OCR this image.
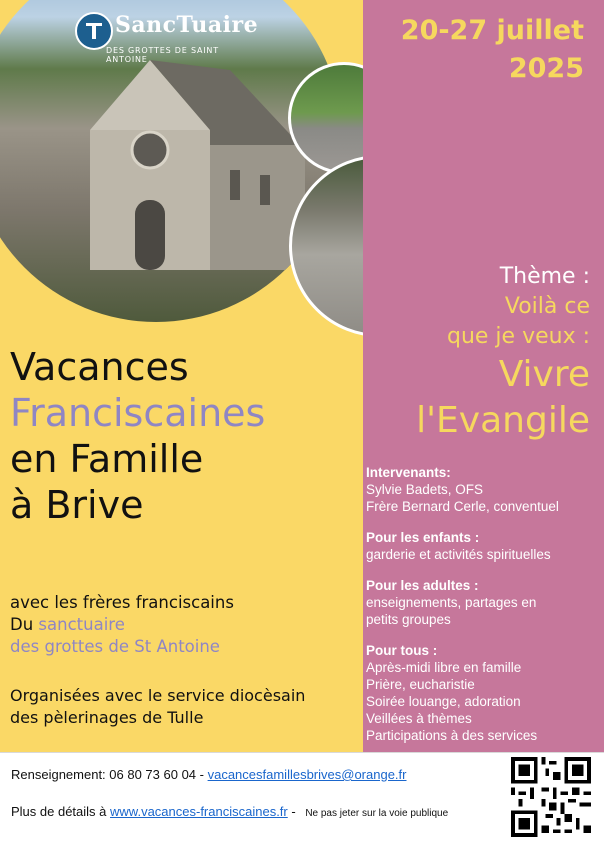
SancTuaire
DES GROTTES DE SAINT ANTOINE
Vacances
Franciscaines
en Famille
à Brive
avec les frères franciscains
Du sanctuaire
des grottes de St Antoine
Organisées avec le service diocèsain
des pèlerinages de Tulle
20-27 juillet
2025
Thème :
Voilà ce
que je veux :
Vivre
l'Evangile
Intervenants:
Sylvie Badets, OFS
Frère Bernard Cerle, conventuel
Pour les enfants :
garderie et activités spirituelles
Pour les adultes :
enseignements, partages en
petits groupes
Pour tous :
Après-midi libre en famille
Prière, eucharistie
Soirée louange, adoration
Veillées à thèmes
Participations à des services
Renseignement: 06 80 73 60 04 - vacancesfamillesbrives@orange.fr
Plus de détails à www.vacances-franciscaines.fr - Ne pas jeter sur la voie publique
